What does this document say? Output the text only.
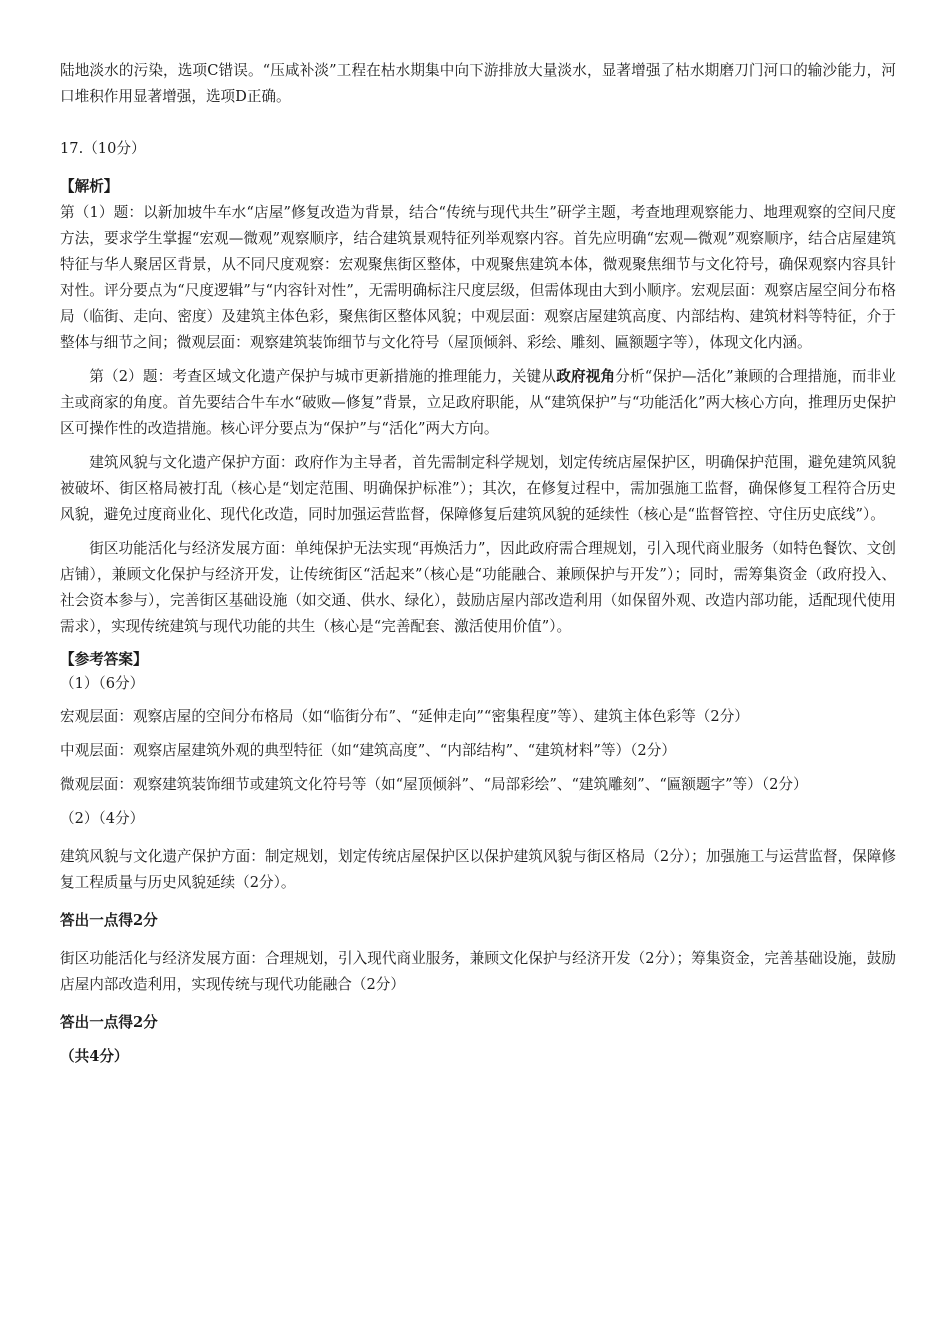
陆地淡水的污染，选项C错误。“压咸补淡”工程在枯水期集中向下游排放大量淡水，显著增强了枯水期磨刀门河口的输沙能力，河口堆积作用显著增强，选项D正确。

17.（10分）

【解析】

第（1）题：以新加坡牛车水“店屋”修复改造为背景，结合“传统与现代共生”研学主题，考查地理观察能力、地理观察的空间尺度方法，要求学生掌握“宏观—微观”观察顺序，结合建筑景观特征列举观察内容。首先应明确“宏观—微观”观察顺序，结合店屋建筑特征与华人聚居区背景，从不同尺度观察：宏观聚焦街区整体，中观聚焦建筑本体，微观聚焦细节与文化符号，确保观察内容具针对性。评分要点为“尺度逻辑”与“内容针对性”，无需明确标注尺度层级，但需体现由大到小顺序。宏观层面：观察店屋空间分布格局（临街、走向、密度）及建筑主体色彩，聚焦街区整体风貌；中观层面：观察店屋建筑高度、内部结构、建筑材料等特征，介于整体与细节之间；微观层面：观察建筑装饰细节与文化符号（屋顶倾斜、彩绘、雕刻、匾额题字等），体现文化内涵。

第（2）题：考查区域文化遗产保护与城市更新措施的推理能力，关键从政府视角分析“保护—活化”兼顾的合理措施，而非业主或商家的角度。首先要结合牛车水“破败—修复”背景，立足政府职能，从“建筑保护”与“功能活化”两大核心方向，推理历史保护区可操作性的改造措施。核心评分要点为“保护”与“活化”两大方向。

建筑风貌与文化遗产保护方面：政府作为主导者，首先需制定科学规划，划定传统店屋保护区，明确保护范围，避免建筑风貌被破坏、街区格局被打乱（核心是“划定范围、明确保护标准”）；其次，在修复过程中，需加强施工监督，确保修复工程符合历史风貌，避免过度商业化、现代化改造，同时加强运营监督，保障修复后建筑风貌的延续性（核心是“监督管控、守住历史底线”）。

街区功能活化与经济发展方面：单纯保护无法实现“再焕活力”，因此政府需合理规划，引入现代商业服务（如特色餐饮、文创店铺），兼顾文化保护与经济开发，让传统街区“活起来”（核心是“功能融合、兼顾保护与开发”）；同时，需筹集资金（政府投入、社会资本参与），完善街区基础设施（如交通、供水、绿化），鼓励店屋内部改造利用（如保留外观、改造内部功能，适配现代使用需求），实现传统建筑与现代功能的共生（核心是“完善配套、激活使用价值”）。

【参考答案】

（1）（6分）

宏观层面：观察店屋的空间分布格局（如“临街分布”、“延伸走向”“密集程度”等）、建筑主体色彩等（2分）

中观层面：观察店屋建筑外观的典型特征（如“建筑高度”、“内部结构”、“建筑材料”等）（2分）

微观层面：观察建筑装饰细节或建筑文化符号等（如“屋顶倾斜”、“局部彩绘”、“建筑雕刻”、“匾额题字”等）（2分）

（2）（4分）

建筑风貌与文化遗产保护方面：制定规划，划定传统店屋保护区以保护建筑风貌与街区格局（2分）；加强施工与运营监督，保障修复工程质量与历史风貌延续（2分）。

答出一点得2分

街区功能活化与经济发展方面：合理规划，引入现代商业服务，兼顾文化保护与经济开发（2分）；筹集资金，完善基础设施，鼓励店屋内部改造利用，实现传统与现代功能融合（2分）

答出一点得2分

（共4分）
